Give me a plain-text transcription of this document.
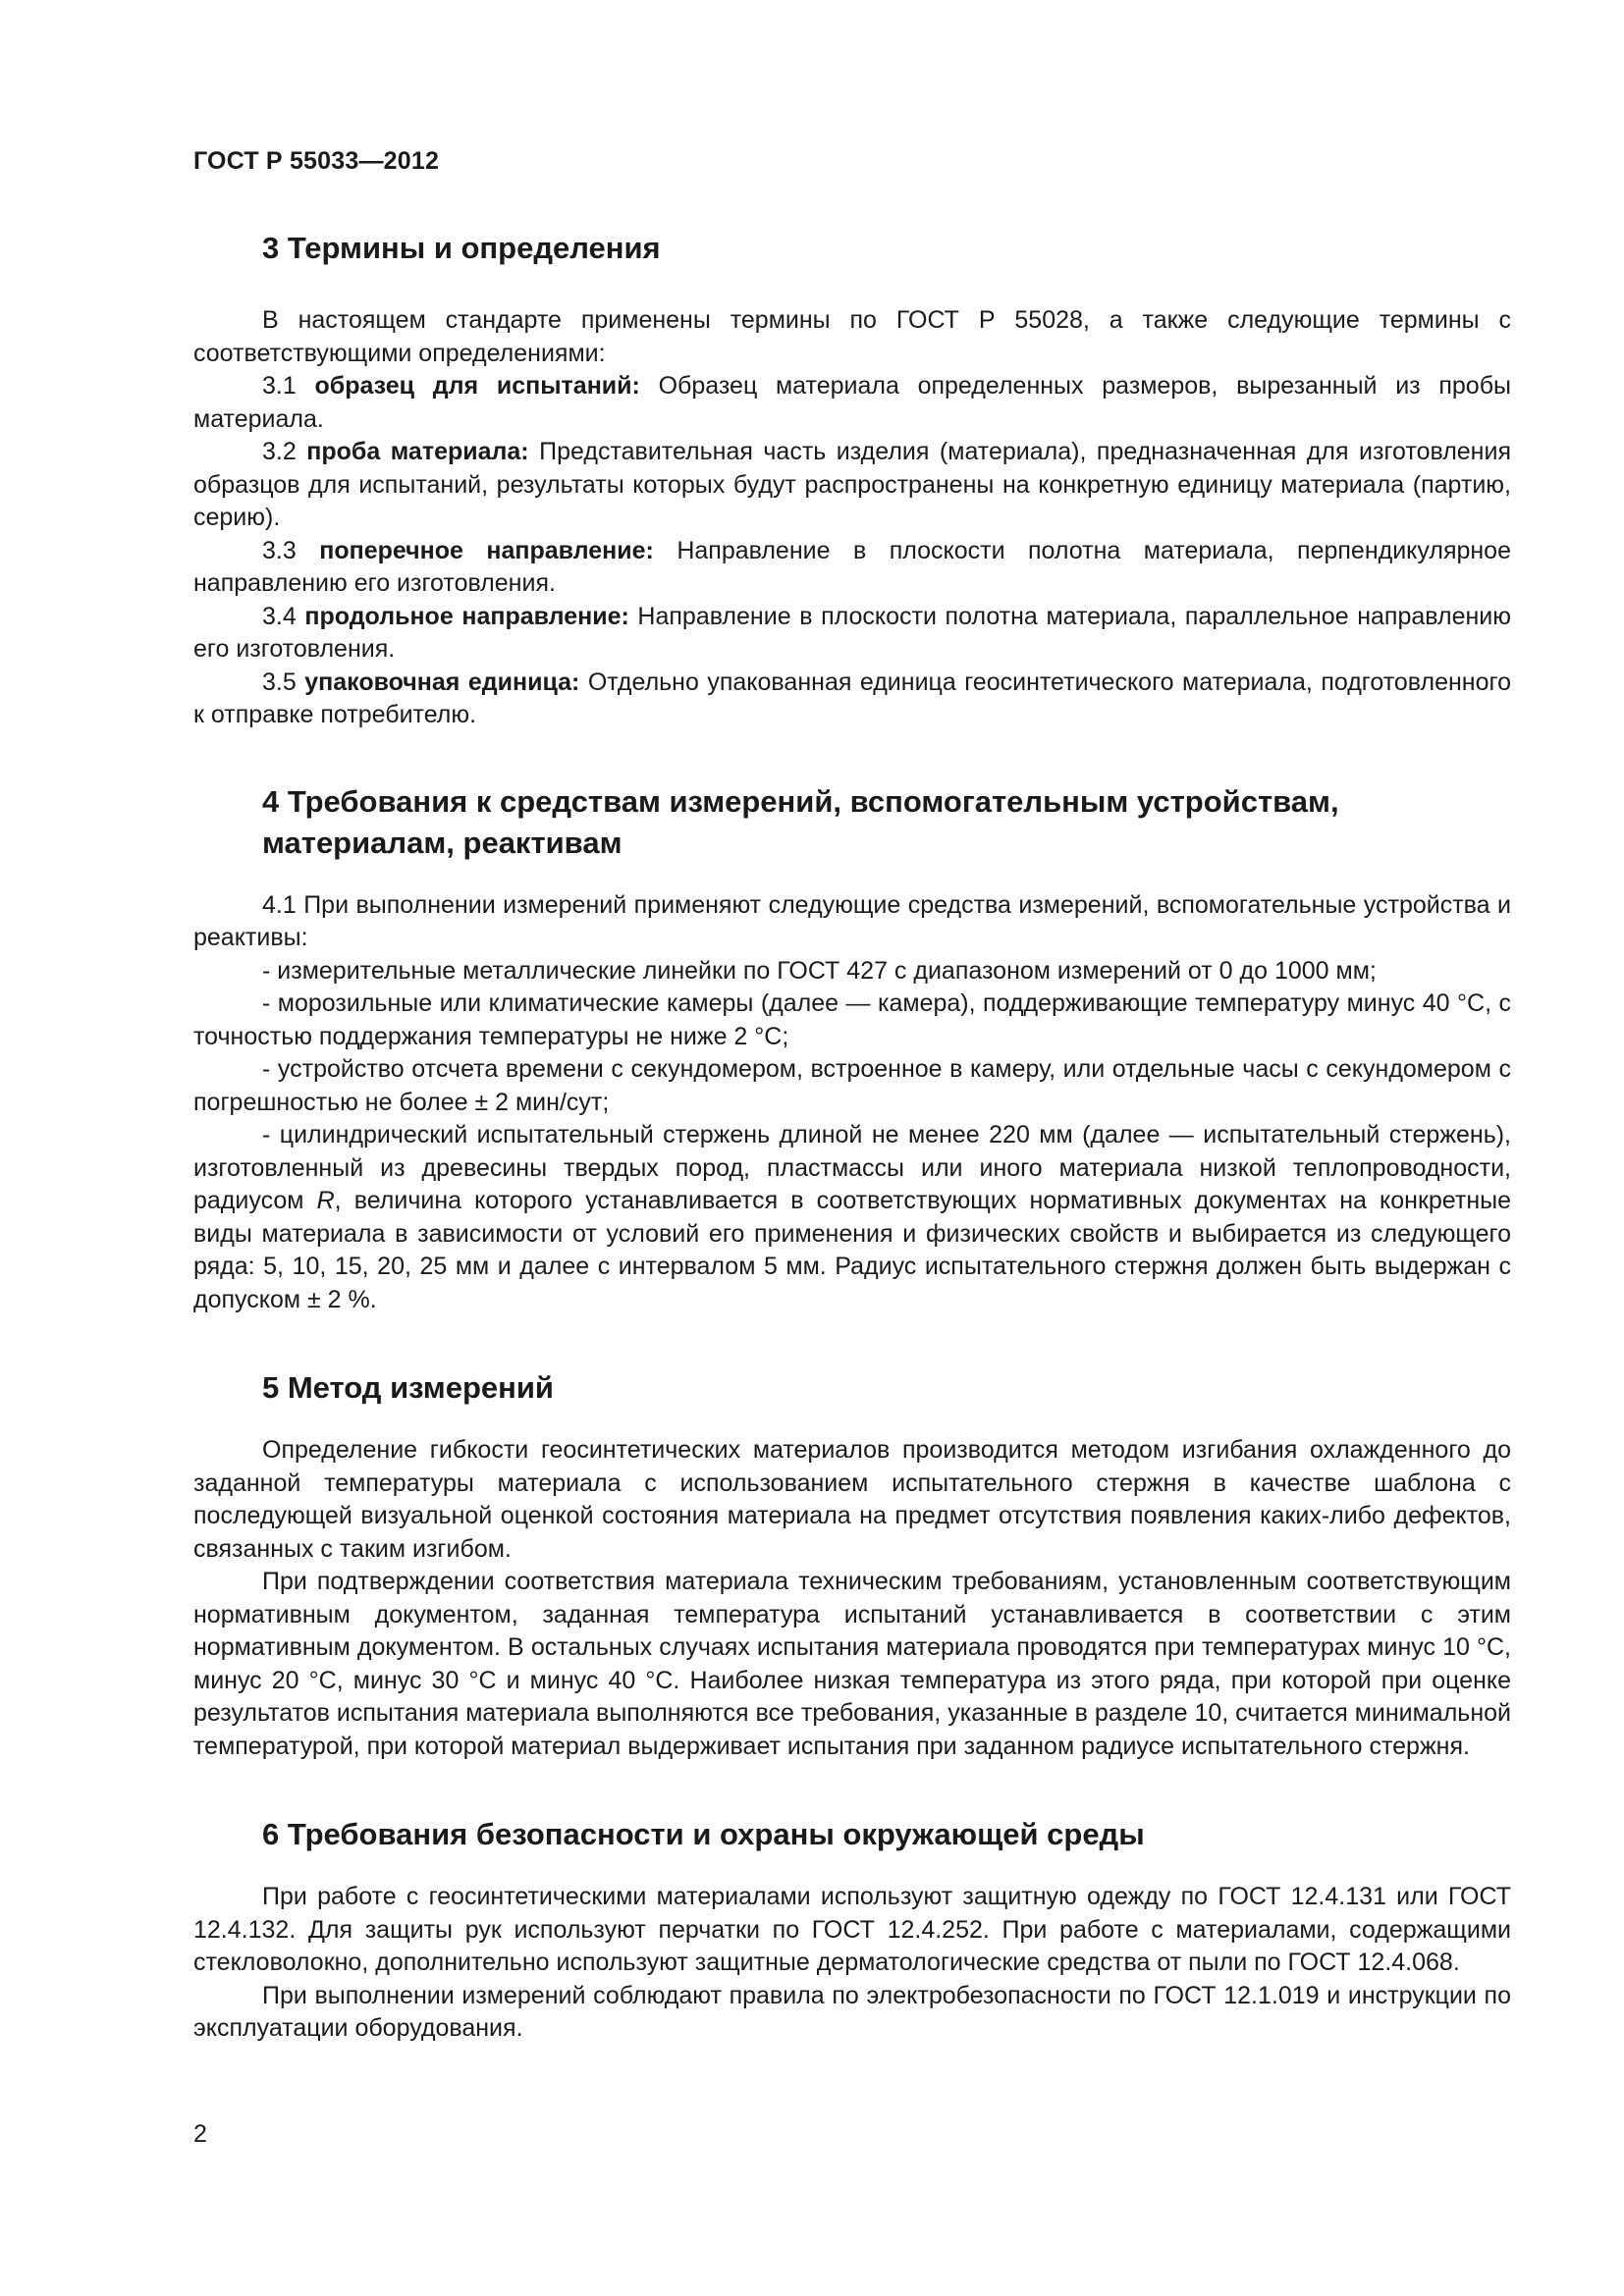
ГОСТ Р 55033—2012
3 Термины и определения

В настоящем стандарте применены термины по ГОСТ Р 55028, а также следующие термины с соответствующими определениями:

3.1 образец для испытаний: Образец материала определенных размеров, вырезанный из пробы материала.

3.2 проба материала: Представительная часть изделия (материала), предназначенная для изготовления образцов для испытаний, результаты которых будут распространены на конкретную единицу материала (партию, серию).

3.3 поперечное направление: Направление в плоскости полотна материала, перпендикулярное направлению его изготовления.

3.4 продольное направление: Направление в плоскости полотна материала, параллельное направлению его изготовления.

3.5 упаковочная единица: Отдельно упакованная единица геосинтетического материала, подготовленного к отправке потребителю.

4 Требования к средствам измерений, вспомогательным устройствам,
материалам, реактивам

4.1 При выполнении измерений применяют следующие средства измерений, вспомогательные устройства и реактивы:

- измерительные металлические линейки по ГОСТ 427 с диапазоном измерений от 0 до 1000 мм;

- морозильные или климатические камеры (далее — камера), поддерживающие температуру минус 40 °С, с точностью поддержания температуры не ниже 2 °С;

- устройство отсчета времени с секундомером, встроенное в камеру, или отдельные часы с секундомером с погрешностью не более ± 2 мин/сут;

- цилиндрический испытательный стержень длиной не менее 220 мм (далее — испытательный стержень), изготовленный из древесины твердых пород, пластмассы или иного материала низкой теплопроводности, радиусом R, величина которого устанавливается в соответствующих нормативных документах на конкретные виды материала в зависимости от условий его применения и физических свойств и выбирается из следующего ряда: 5, 10, 15, 20, 25 мм и далее с интервалом 5 мм. Радиус испытательного стержня должен быть выдержан с допуском ± 2 %.

5 Метод измерений

Определение гибкости геосинтетических материалов производится методом изгибания охлажденного до заданной температуры материала с использованием испытательного стержня в качестве шаблона с последующей визуальной оценкой состояния материала на предмет отсутствия появления каких-либо дефектов, связанных с таким изгибом.

При подтверждении соответствия материала техническим требованиям, установленным соответствующим нормативным документом, заданная температура испытаний устанавливается в соответствии с этим нормативным документом. В остальных случаях испытания материала проводятся при температурах минус 10 °С, минус 20 °С, минус 30 °С и минус 40 °С. Наиболее низкая температура из этого ряда, при которой при оценке результатов испытания материала выполняются все требования, указанные в разделе 10, считается минимальной температурой, при которой материал выдерживает испытания при заданном радиусе испытательного стержня.

6 Требования безопасности и охраны окружающей среды

При работе с геосинтетическими материалами используют защитную одежду по ГОСТ 12.4.131 или ГОСТ 12.4.132. Для защиты рук используют перчатки по ГОСТ 12.4.252. При работе с материалами, содержащими стекловолокно, дополнительно используют защитные дерматологические средства от пыли по ГОСТ 12.4.068.

При выполнении измерений соблюдают правила по электробезопасности по ГОСТ 12.1.019 и инструкции по эксплуатации оборудования.

2
